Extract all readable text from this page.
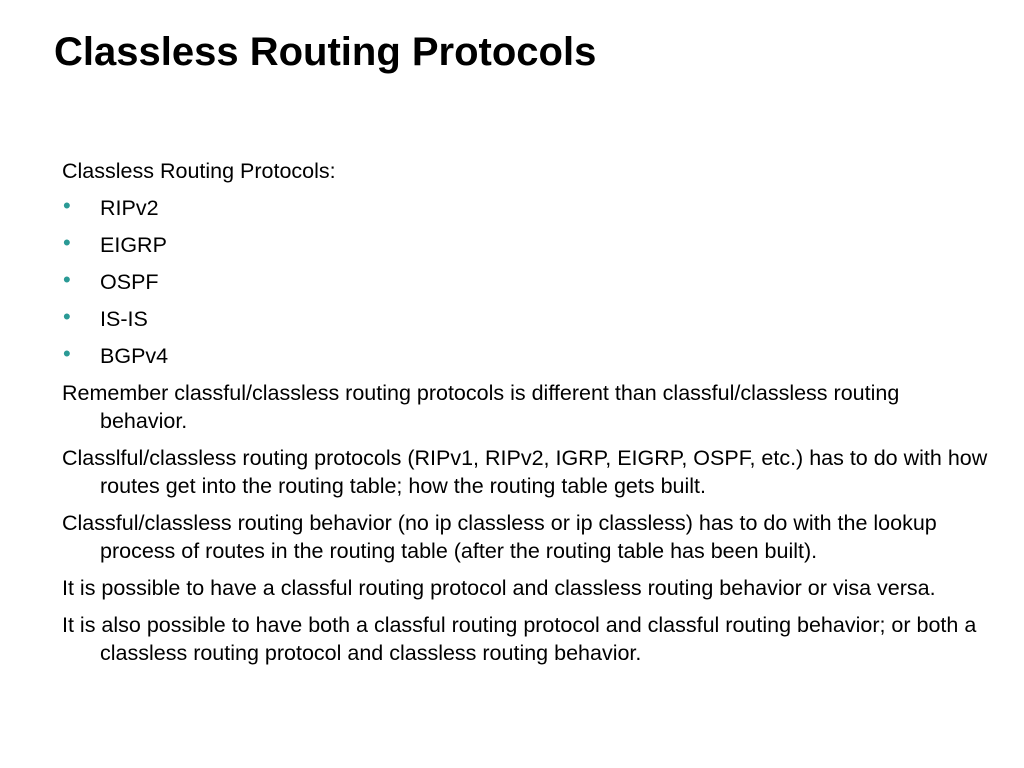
Classless Routing Protocols

Classless Routing Protocols:

• RIPv2
• EIGRP
• OSPF
• IS-IS
• BGPv4

Remember classful/classless routing protocols is different than classful/classless routing behavior.

Classlful/classless routing protocols (RIPv1, RIPv2, IGRP, EIGRP, OSPF, etc.) has to do with how routes get into the routing table; how the routing table gets built.

Classful/classless routing behavior (no ip classless or ip classless) has to do with the lookup process of routes in the routing table (after the routing table has been built).

It is possible to have a classful routing protocol and classless routing behavior or visa versa.

It is also possible to have both a classful routing protocol and classful routing behavior; or both a classless routing protocol and classless routing behavior.
